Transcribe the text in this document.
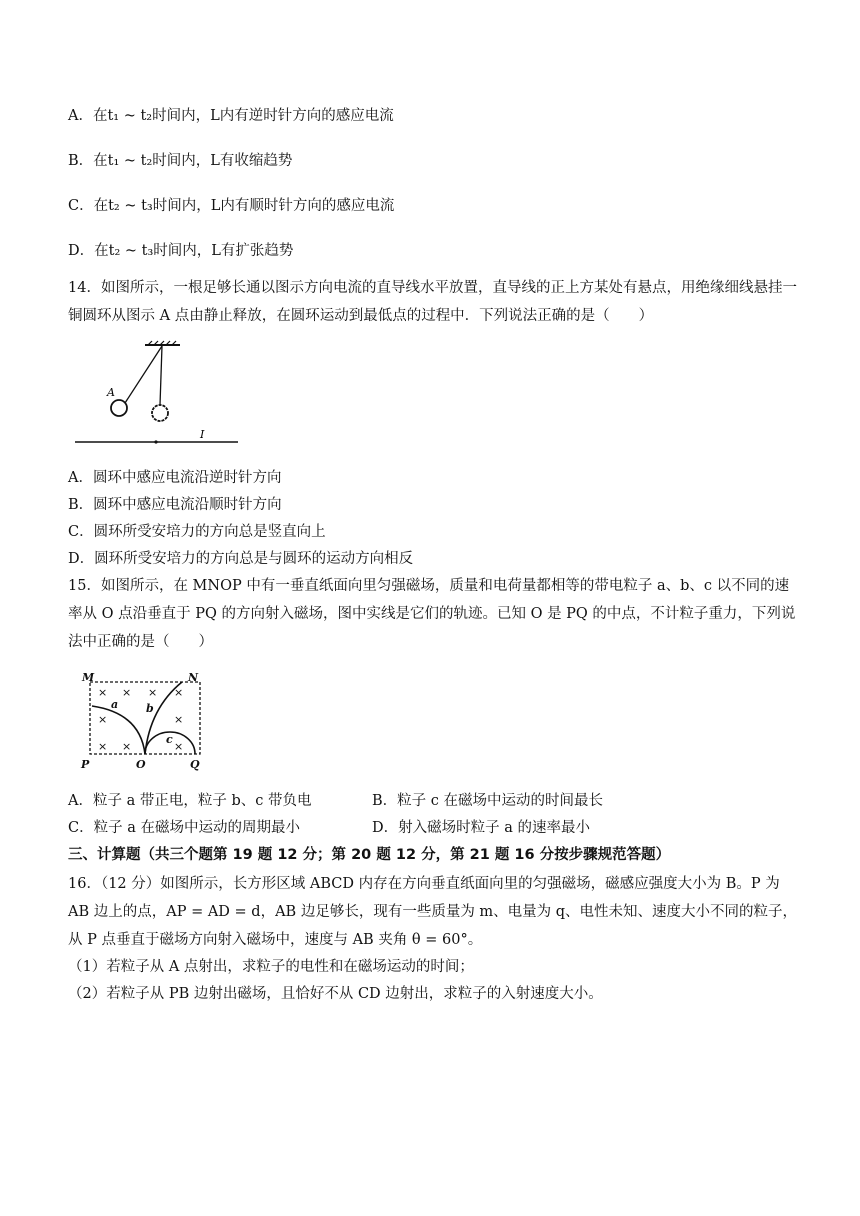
A．在t₁ ~ t₂时间内，L内有逆时针方向的感应电流
B．在t₁ ~ t₂时间内，L有收缩趋势
C．在t₂ ~ t₃时间内，L内有顺时针方向的感应电流
D．在t₂ ~ t₃时间内，L有扩张趋势
14．如图所示，一根足够长通以图示方向电流的直导线水平放置，直导线的正上方某处有悬点，用绝缘细线悬挂一铜圆环从图示 A 点由静止释放，在圆环运动到最低点的过程中．下列说法正确的是（　　）
A
I
A．圆环中感应电流沿逆时针方向
B．圆环中感应电流沿顺时针方向
C．圆环所受安培力的方向总是竖直向上
D．圆环所受安培力的方向总是与圆环的运动方向相反
15．如图所示，在 MNOP 中有一垂直纸面向里匀强磁场，质量和电荷量都相等的带电粒子 a、b、c 以不同的速率从 O 点沿垂直于 PQ 的方向射入磁场，图中实线是它们的轨迹。已知 O 是 PQ 的中点，不计粒子重力，下列说法中正确的是（　　）
× × × ×
×	×
× ×	×
M	N
P	O	Q
a	b
c
A．粒子 a 带正电，粒子 b、c 带负电	B．粒子 c 在磁场中运动的时间最长
C．粒子 a 在磁场中运动的周期最小	D．射入磁场时粒子 a 的速率最小
三、计算题（共三个题第 19 题 12 分；第 20 题 12 分，第 21 题 16 分按步骤规范答题）
16．（12 分）如图所示，长方形区域 ABCD 内存在方向垂直纸面向里的匀强磁场，磁感应强度大小为 B。P 为 AB 边上的点，AP = AD = d，AB 边足够长，现有一些质量为 m、电量为 q、电性未知、速度大小不同的粒子，从 P 点垂直于磁场方向射入磁场中，速度与 AB 夹角 θ = 60°。
（1）若粒子从 A 点射出，求粒子的电性和在磁场运动的时间；
（2）若粒子从 PB 边射出磁场，且恰好不从 CD 边射出，求粒子的入射速度大小。
